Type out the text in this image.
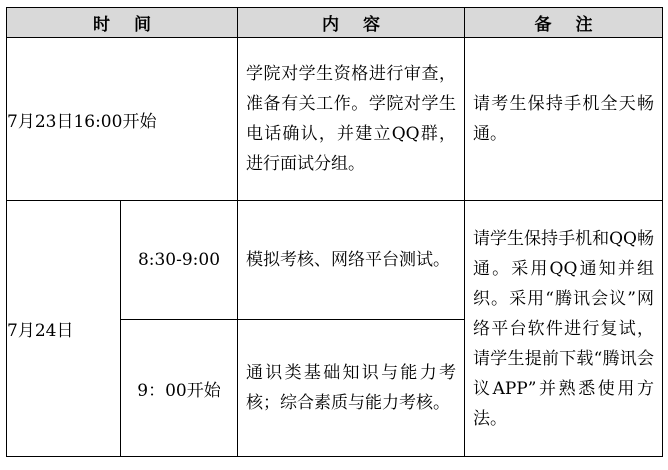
时间		内容	备注
7月23日16:00开始		学院对学生资格进行审查，准备有关工作。学院对学生电话确认，并建立QQ群，进行面试分组。	请考生保持手机全天畅通。

7月24日	8:30-9:00	模拟考核、网络平台测试。	请学生保持手机和QQ畅通。采用QQ通知并组织。采用“腾讯会议”网络平台软件进行复试，请学生提前下载“腾讯会议APP”并熟悉使用方法。

	9：00开始	通识类基础知识与能力考核；综合素质与能力考核。	
